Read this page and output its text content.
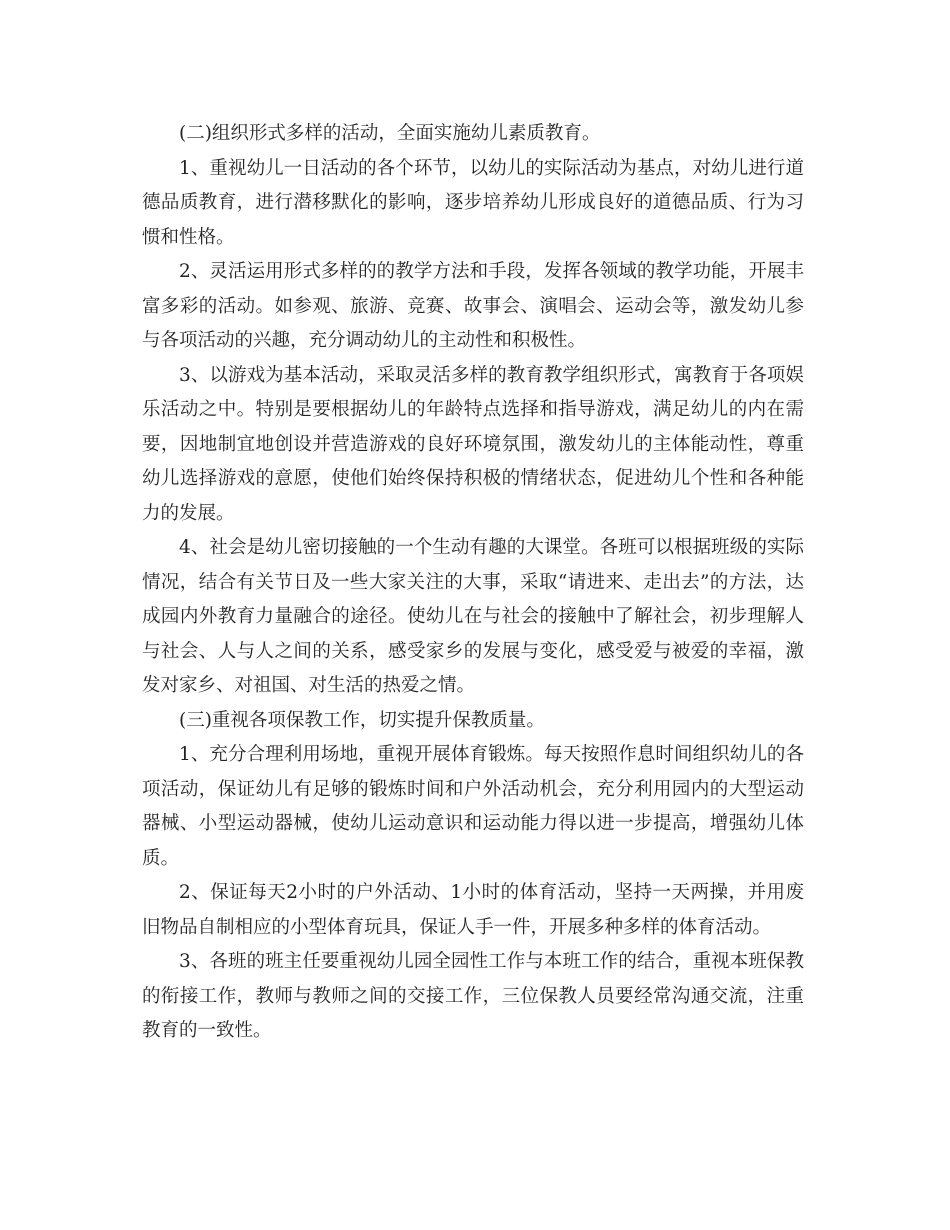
(二)组织形式多样的活动，全面实施幼儿素质教育。

1、重视幼儿一日活动的各个环节，以幼儿的实际活动为基点，对幼儿进行道德品质教育，进行潜移默化的影响，逐步培养幼儿形成良好的道德品质、行为习惯和性格。

2、灵活运用形式多样的的教学方法和手段，发挥各领域的教学功能，开展丰富多彩的活动。如参观、旅游、竞赛、故事会、演唱会、运动会等，激发幼儿参与各项活动的兴趣，充分调动幼儿的主动性和积极性。

3、以游戏为基本活动，采取灵活多样的教育教学组织形式，寓教育于各项娱乐活动之中。特别是要根据幼儿的年龄特点选择和指导游戏，满足幼儿的内在需要，因地制宜地创设并营造游戏的良好环境氛围，激发幼儿的主体能动性，尊重幼儿选择游戏的意愿，使他们始终保持积极的情绪状态，促进幼儿个性和各种能力的发展。

4、社会是幼儿密切接触的一个生动有趣的大课堂。各班可以根据班级的实际情况，结合有关节日及一些大家关注的大事，采取“请进来、走出去”的方法，达成园内外教育力量融合的途径。使幼儿在与社会的接触中了解社会，初步理解人与社会、人与人之间的关系，感受家乡的发展与变化，感受爱与被爱的幸福，激发对家乡、对祖国、对生活的热爱之情。

(三)重视各项保教工作，切实提升保教质量。

1、充分合理利用场地，重视开展体育锻炼。每天按照作息时间组织幼儿的各项活动，保证幼儿有足够的锻炼时间和户外活动机会，充分利用园内的大型运动器械、小型运动器械，使幼儿运动意识和运动能力得以进一步提高，增强幼儿体质。

2、保证每天2小时的户外活动、1小时的体育活动，坚持一天两操，并用废旧物品自制相应的小型体育玩具，保证人手一件，开展多种多样的体育活动。

3、各班的班主任要重视幼儿园全园性工作与本班工作的结合，重视本班保教的衔接工作，教师与教师之间的交接工作，三位保教人员要经常沟通交流，注重教育的一致性。
